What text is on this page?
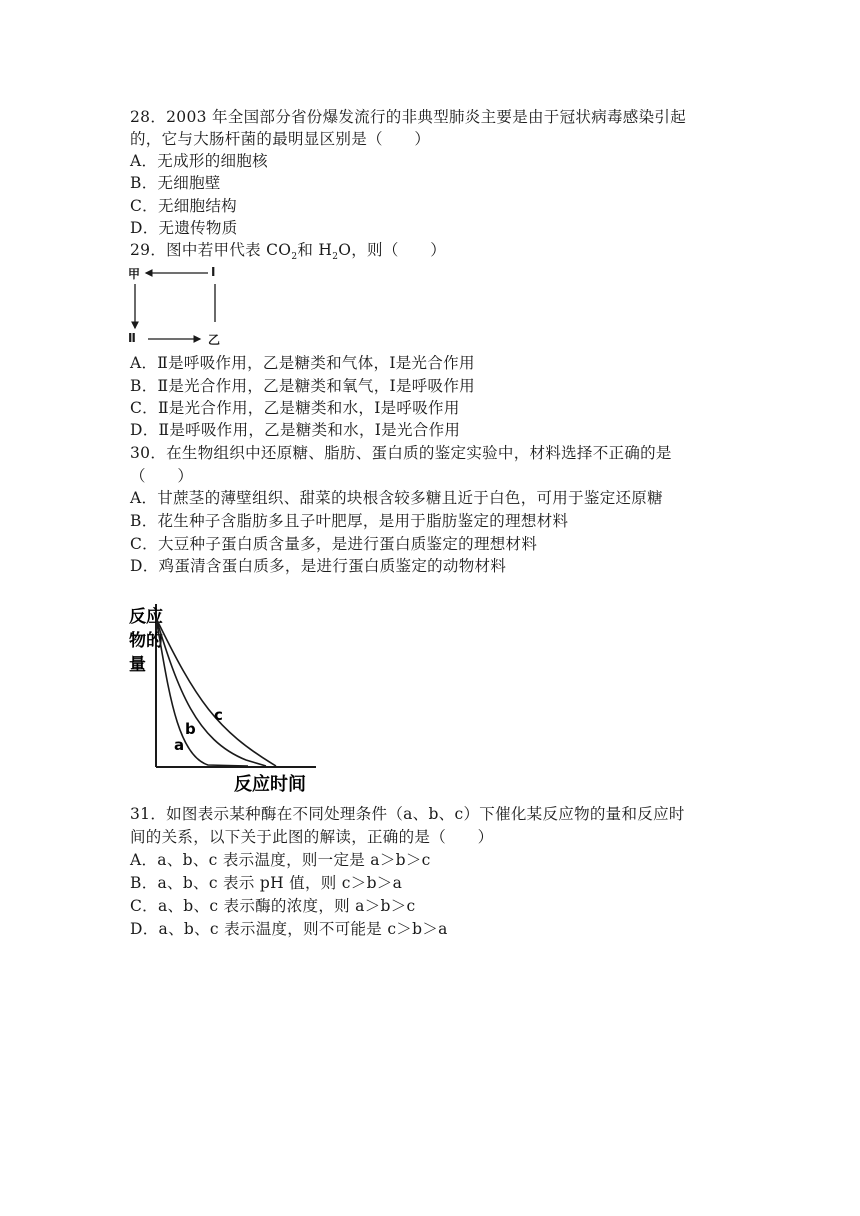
28．2003 年全国部分省份爆发流行的非典型肺炎主要是由于冠状病毒感染引起
的，它与大肠杆菌的最明显区别是（　　）
A．无成形的细胞核
B．无细胞壁
C．无细胞结构
D．无遗传物质
29．图中若甲代表 $CO_2$和 $H_2O$，则（　　）
甲	Ⅰ
Ⅱ	乙
A．Ⅱ是呼吸作用，乙是糖类和气体，Ⅰ是光合作用
B．Ⅱ是光合作用，乙是糖类和氧气，Ⅰ是呼吸作用
C．Ⅱ是光合作用，乙是糖类和水，Ⅰ是呼吸作用
D．Ⅱ是呼吸作用，乙是糖类和水，Ⅰ是光合作用
30．在生物组织中还原糖、脂肪、蛋白质的鉴定实验中，材料选择不正确的是
（　　）
A．甘蔗茎的薄壁组织、甜菜的块根含较多糖且近于白色，可用于鉴定还原糖
B．花生种子含脂肪多且子叶肥厚，是用于脂肪鉴定的理想材料
C．大豆种子蛋白质含量多，是进行蛋白质鉴定的理想材料
D．鸡蛋清含蛋白质多，是进行蛋白质鉴定的动物材料
反应
物的
量
a
b
c
反应时间
31．如图表示某种酶在不同处理条件（a、b、c）下催化某反应物的量和反应时
间的关系，以下关于此图的解读，正确的是（　　）
A．a、b、c 表示温度，则一定是 a＞b＞c
B．a、b、c 表示 pH 值，则 c＞b＞a
C．a、b、c 表示酶的浓度，则 a＞b＞c
D．a、b、c 表示温度，则不可能是 c＞b＞a
